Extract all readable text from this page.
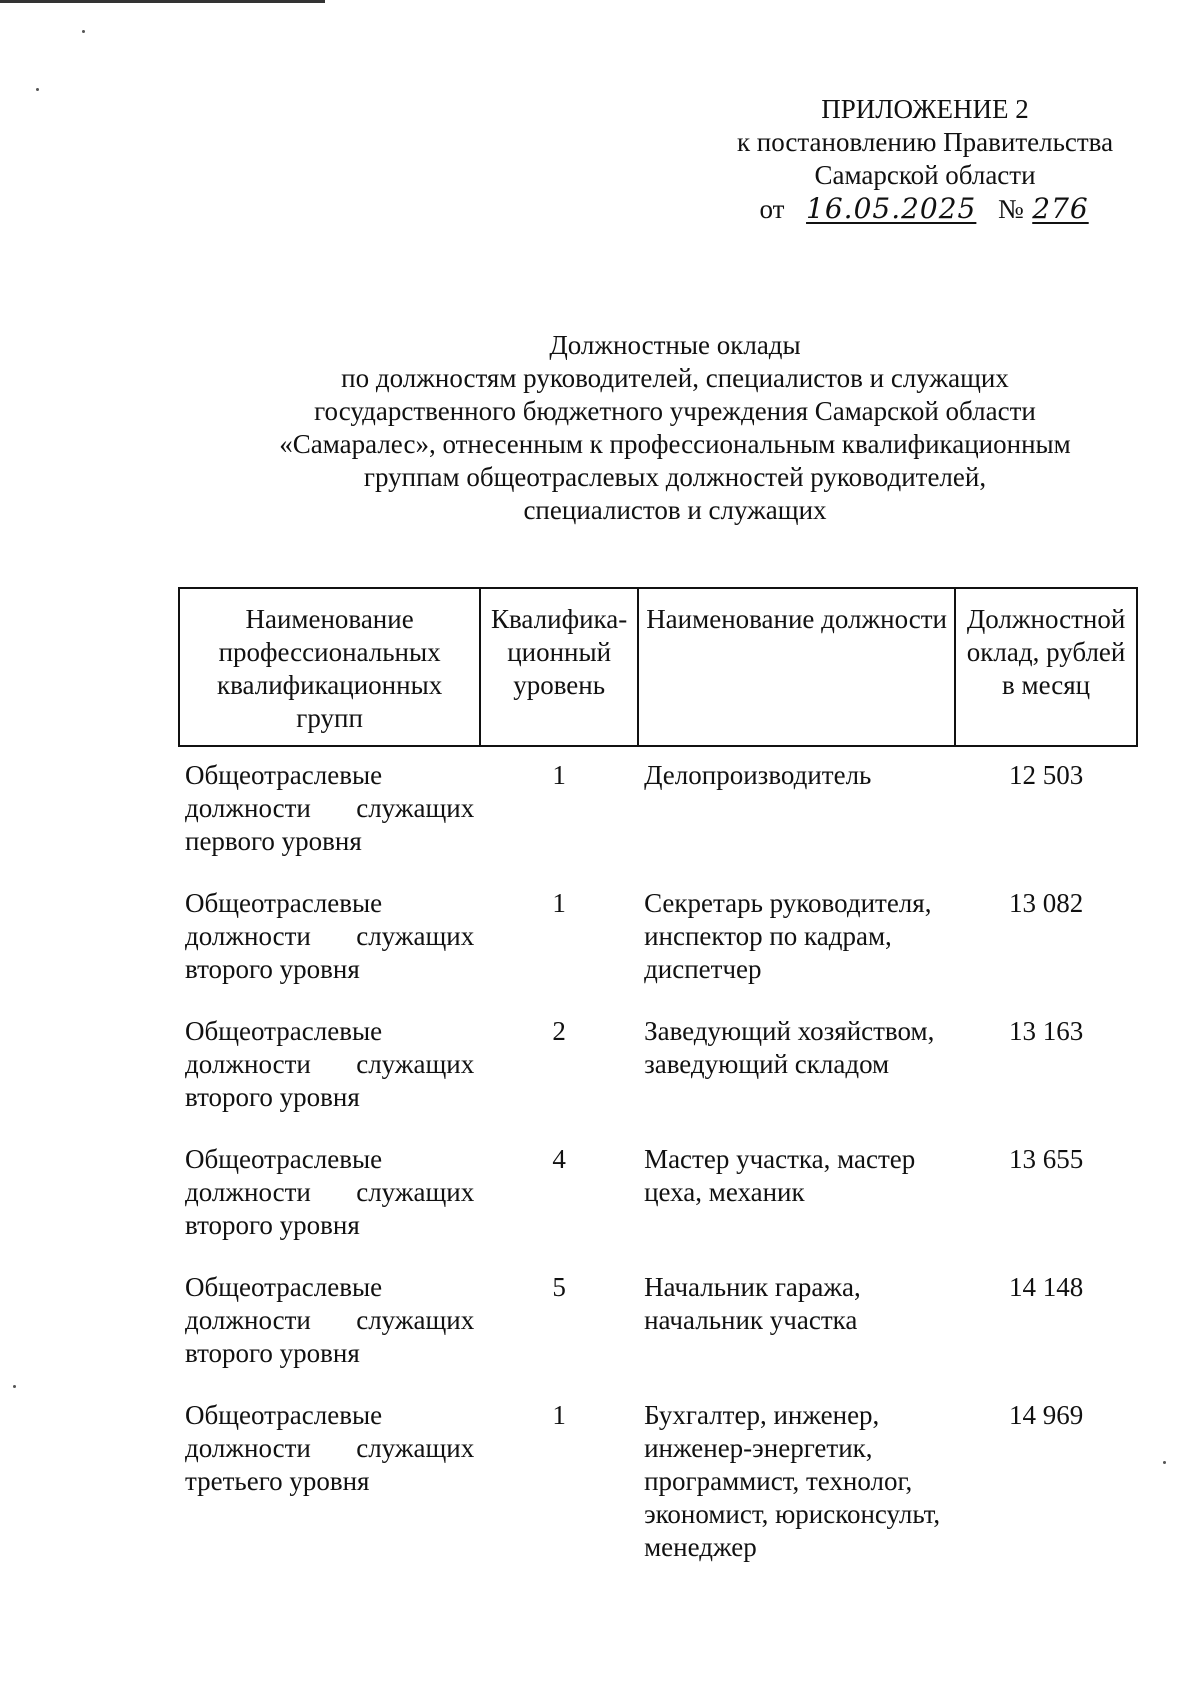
ПРИЛОЖЕНИЕ 2
к постановлению Правительства
Самарской области
от 16.05.2025 № 276
Должностные оклады
по должностям руководителей, специалистов и служащих
государственного бюджетного учреждения Самарской области
«Самаралес», отнесенным к профессиональным квалификационным
группам общеотраслевых должностей руководителей,
специалистов и служащих
Наименование профессиональных квалификационных групп	Квалифика-ционный уровень	Наименование должности	Должностной оклад, рублей в месяц

Общеотраслевые
должности служащих
первого уровня	1	Делопроизводитель	12 503

Общеотраслевые
должности служащих
второго уровня	1	Секретарь руководителя, инспектор по кадрам, диспетчер	13 082

Общеотраслевые
должности служащих
второго уровня	2	Заведующий хозяйством, заведующий складом	13 163

Общеотраслевые
должности служащих
второго уровня	4	Мастер участка, мастер цеха, механик	13 655

Общеотраслевые
должности служащих
второго уровня	5	Начальник гаража, начальник участка	14 148

Общеотраслевые
должности служащих
третьего уровня	1	Бухгалтер, инженер, инженер-энергетик, программист, технолог, экономист, юрисконсульт, менеджер	14 969
